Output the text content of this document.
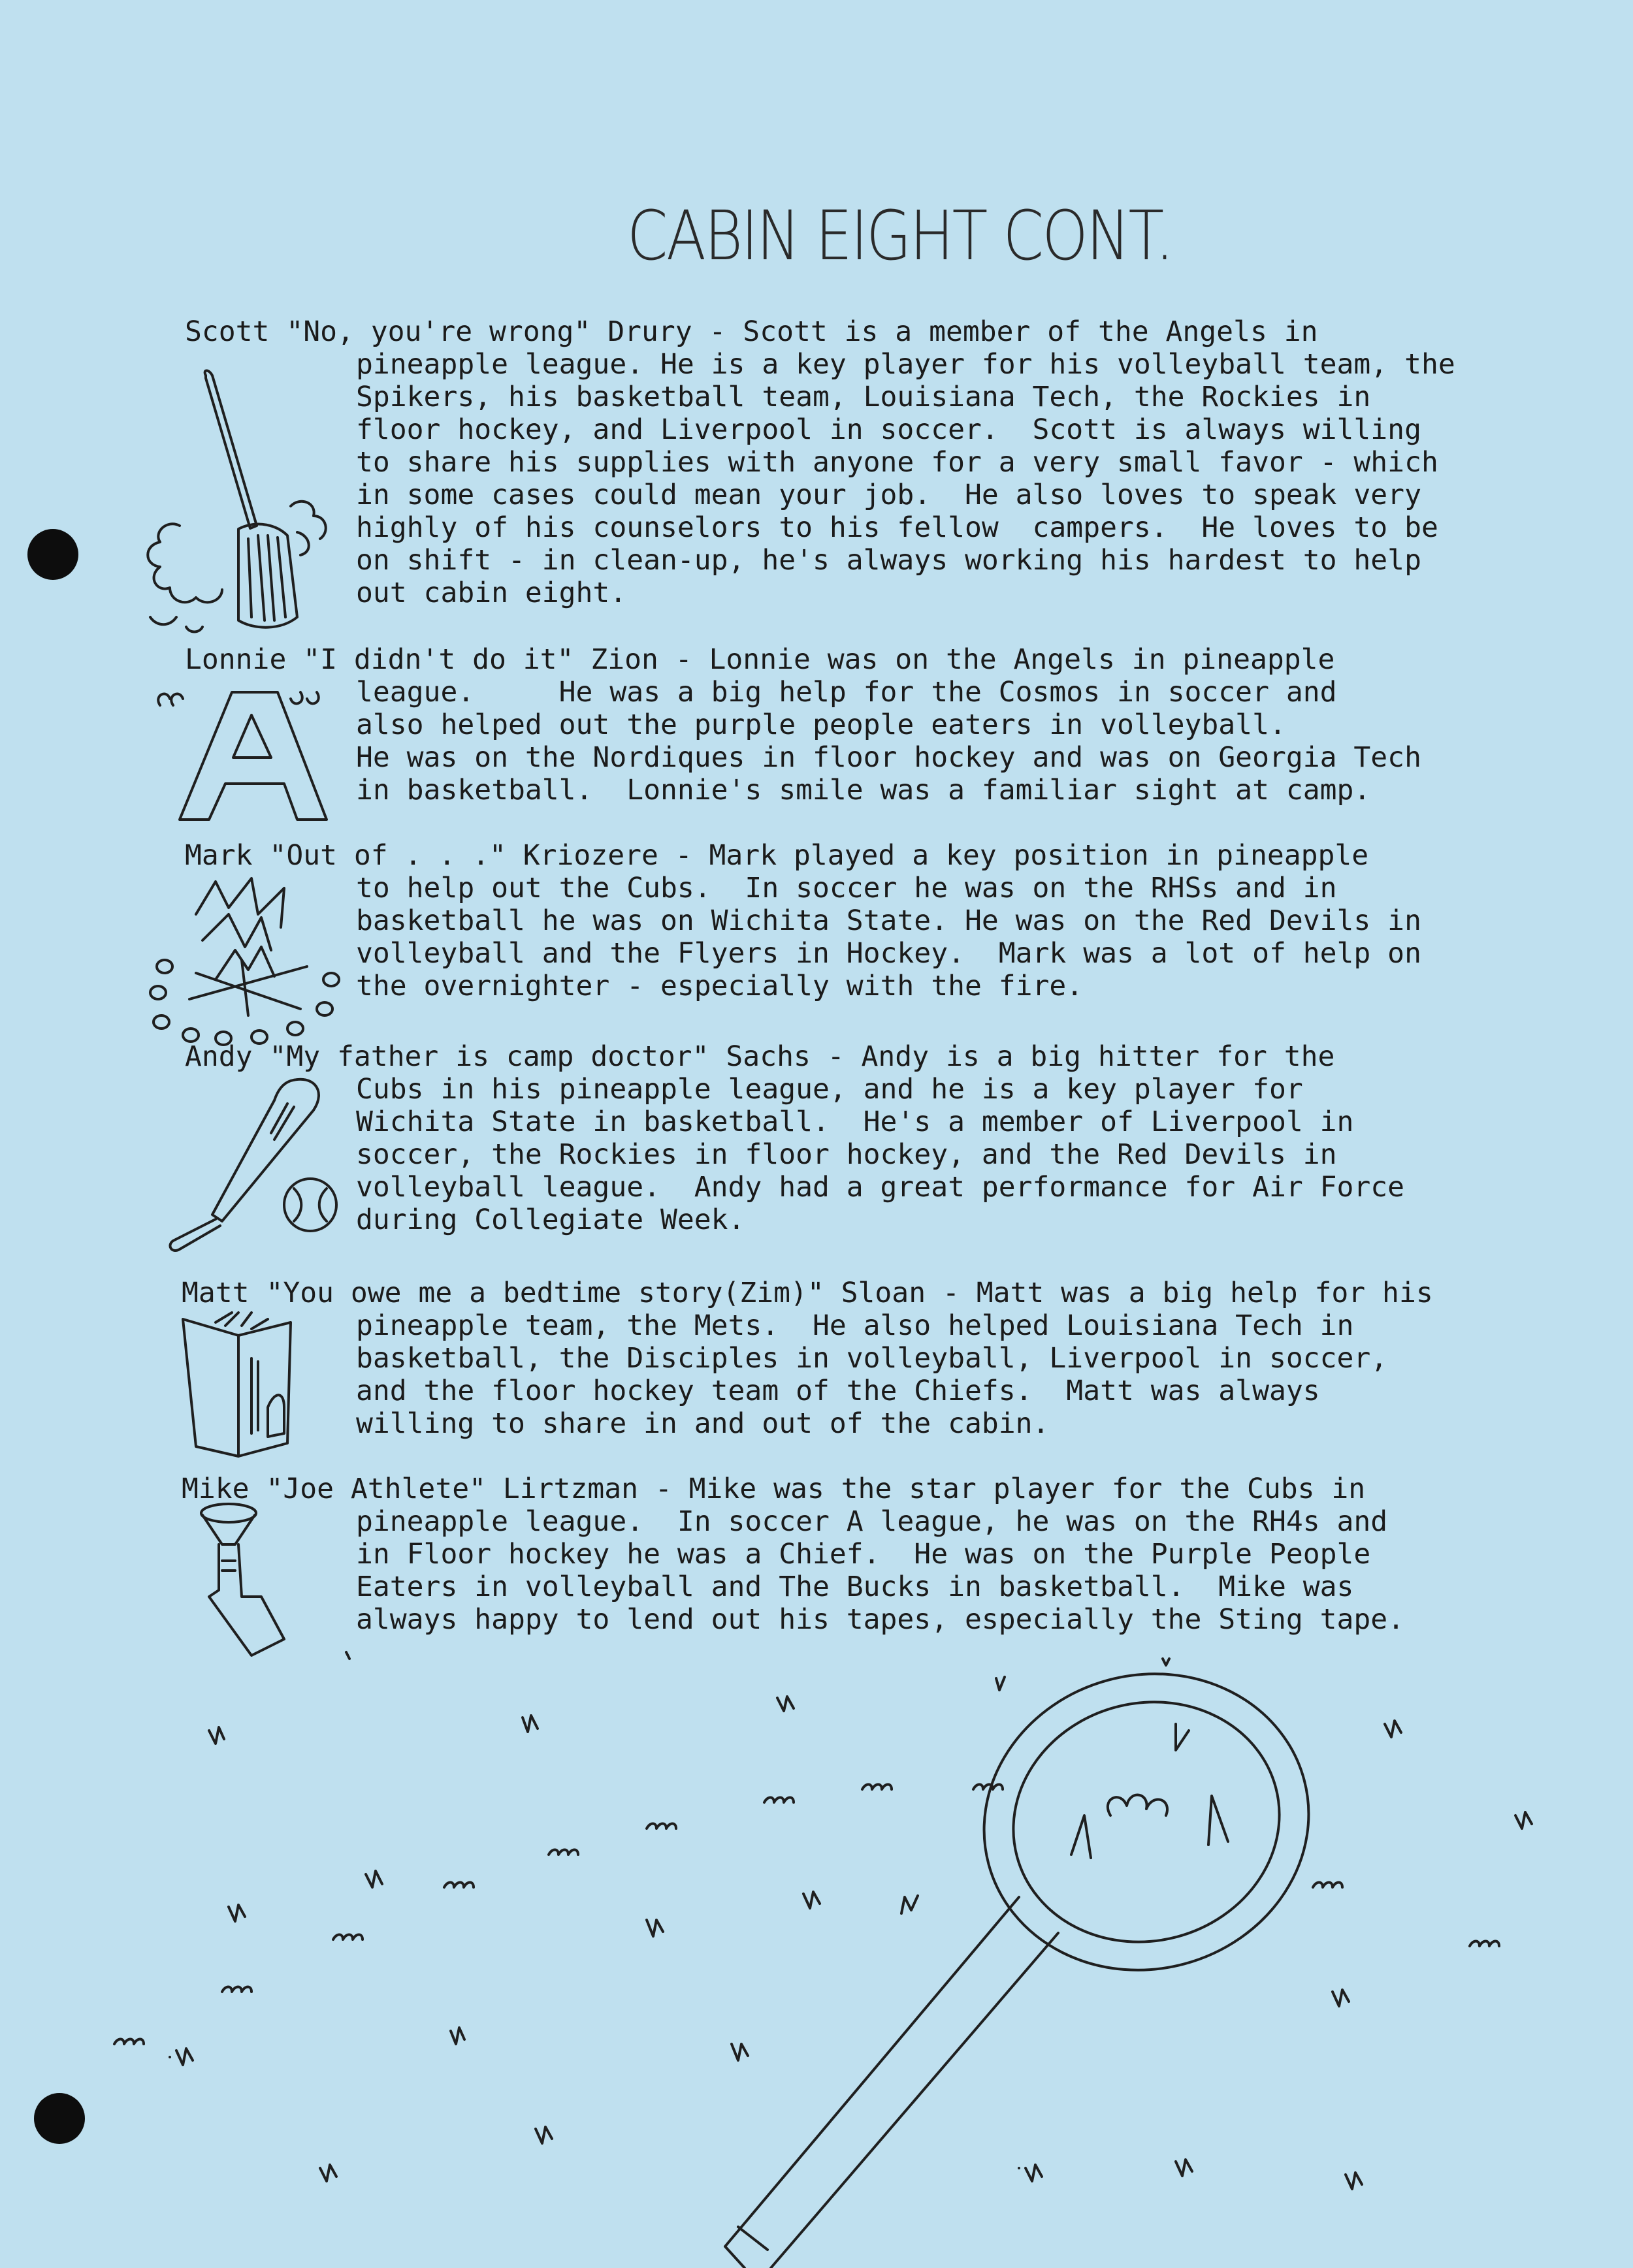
CABIN EIGHT CONT.
Scott "No, you're wrong" Drury - Scott is a member of the Angels in
pineapple league. He is a key player for his volleyball team, the
Spikers, his basketball team, Louisiana Tech, the Rockies in
floor hockey, and Liverpool in soccer.  Scott is always willing
to share his supplies with anyone for a very small favor - which
in some cases could mean your job.  He also loves to speak very
highly of his counselors to his fellow  campers.  He loves to be
on shift - in clean-up, he's always working his hardest to help
out cabin eight.
Lonnie "I didn't do it" Zion - Lonnie was on the Angels in pineapple
league.     He was a big help for the Cosmos in soccer and
also helped out the purple people eaters in volleyball.
He was on the Nordiques in floor hockey and was on Georgia Tech
in basketball.  Lonnie's smile was a familiar sight at camp.
Mark "Out of . . ." Kriozere - Mark played a key position in pineapple
to help out the Cubs.  In soccer he was on the RHSs and in
basketball he was on Wichita State. He was on the Red Devils in
volleyball and the Flyers in Hockey.  Mark was a lot of help on
the overnighter - especially with the fire.
Andy "My father is camp doctor" Sachs - Andy is a big hitter for the
Cubs in his pineapple league, and he is a key player for
Wichita State in basketball.  He's a member of Liverpool in
soccer, the Rockies in floor hockey, and the Red Devils in
volleyball league.  Andy had a great performance for Air Force
during Collegiate Week.
Matt "You owe me a bedtime story(Zim)" Sloan - Matt was a big help for his
pineapple team, the Mets.  He also helped Louisiana Tech in
basketball, the Disciples in volleyball, Liverpool in soccer,
and the floor hockey team of the Chiefs.  Matt was always
willing to share in and out of the cabin.
Mike "Joe Athlete" Lirtzman - Mike was the star player for the Cubs in
pineapple league.  In soccer A league, he was on the RH4s and
in Floor hockey he was a Chief.  He was on the Purple People
Eaters in volleyball and The Bucks in basketball.  Mike was
always happy to lend out his tapes, especially the Sting tape.
